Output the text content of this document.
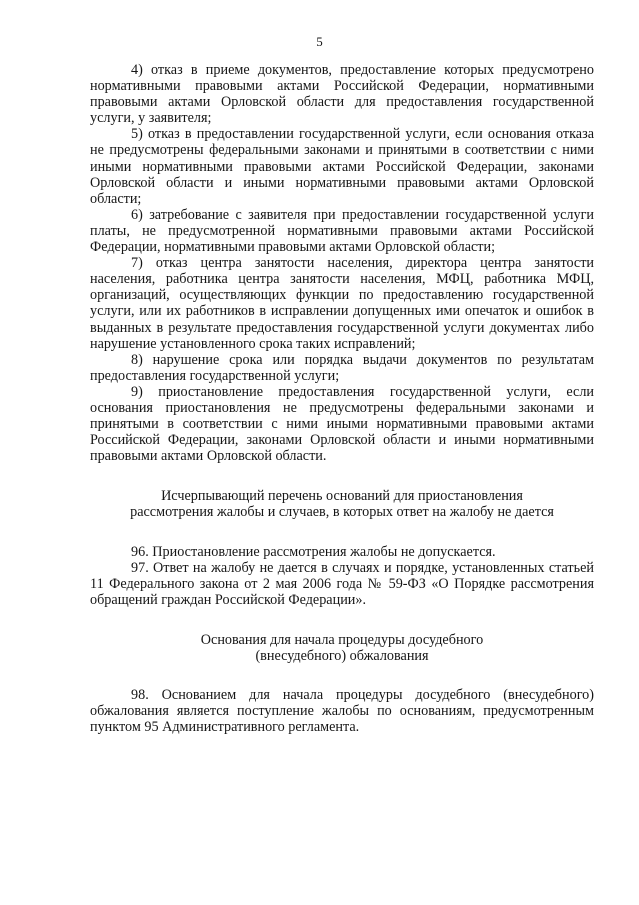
5

4) отказ в приеме документов, предоставление которых предусмотрено нормативными правовыми актами Российской Федерации, нормативными правовыми актами Орловской области для предоставления государственной услуги, у заявителя;

5) отказ в предоставлении государственной услуги, если основания отказа не предусмотрены федеральными законами и принятыми в соответствии с ними иными нормативными правовыми актами Российской Федерации, законами Орловской области и иными нормативными правовыми актами Орловской области;

6) затребование с заявителя при предоставлении государственной услуги платы, не предусмотренной нормативными правовыми актами Российской Федерации, нормативными правовыми актами Орловской области;

7) отказ центра занятости населения, директора центра занятости населения, работника центра занятости населения, МФЦ, работника МФЦ, организаций, осуществляющих функции по предоставлению государственной услуги, или их работников в исправлении допущенных ими опечаток и ошибок в выданных в результате предоставления государственной услуги документах либо нарушение установленного срока таких исправлений;

8) нарушение срока или порядка выдачи документов по результатам предоставления государственной услуги;

9) приостановление предоставления государственной услуги, если основания приостановления не предусмотрены федеральными законами и принятыми в соответствии с ними иными нормативными правовыми актами Российской Федерации, законами Орловской области и иными нормативными правовыми актами Орловской области.

Исчерпывающий перечень оснований для приостановления

рассмотрения жалобы и случаев, в которых ответ на жалобу не дается

96. Приостановление рассмотрения жалобы не допускается.

97. Ответ на жалобу не дается в случаях и порядке, установленных статьей 11 Федерального закона от 2 мая 2006 года № 59-ФЗ «О Порядке рассмотрения обращений граждан Российской Федерации».

Основания для начала процедуры досудебного

(внесудебного) обжалования

98. Основанием для начала процедуры досудебного (внесудебного) обжалования является поступление жалобы по основаниям, предусмотренным пунктом 95 Административного регламента.
